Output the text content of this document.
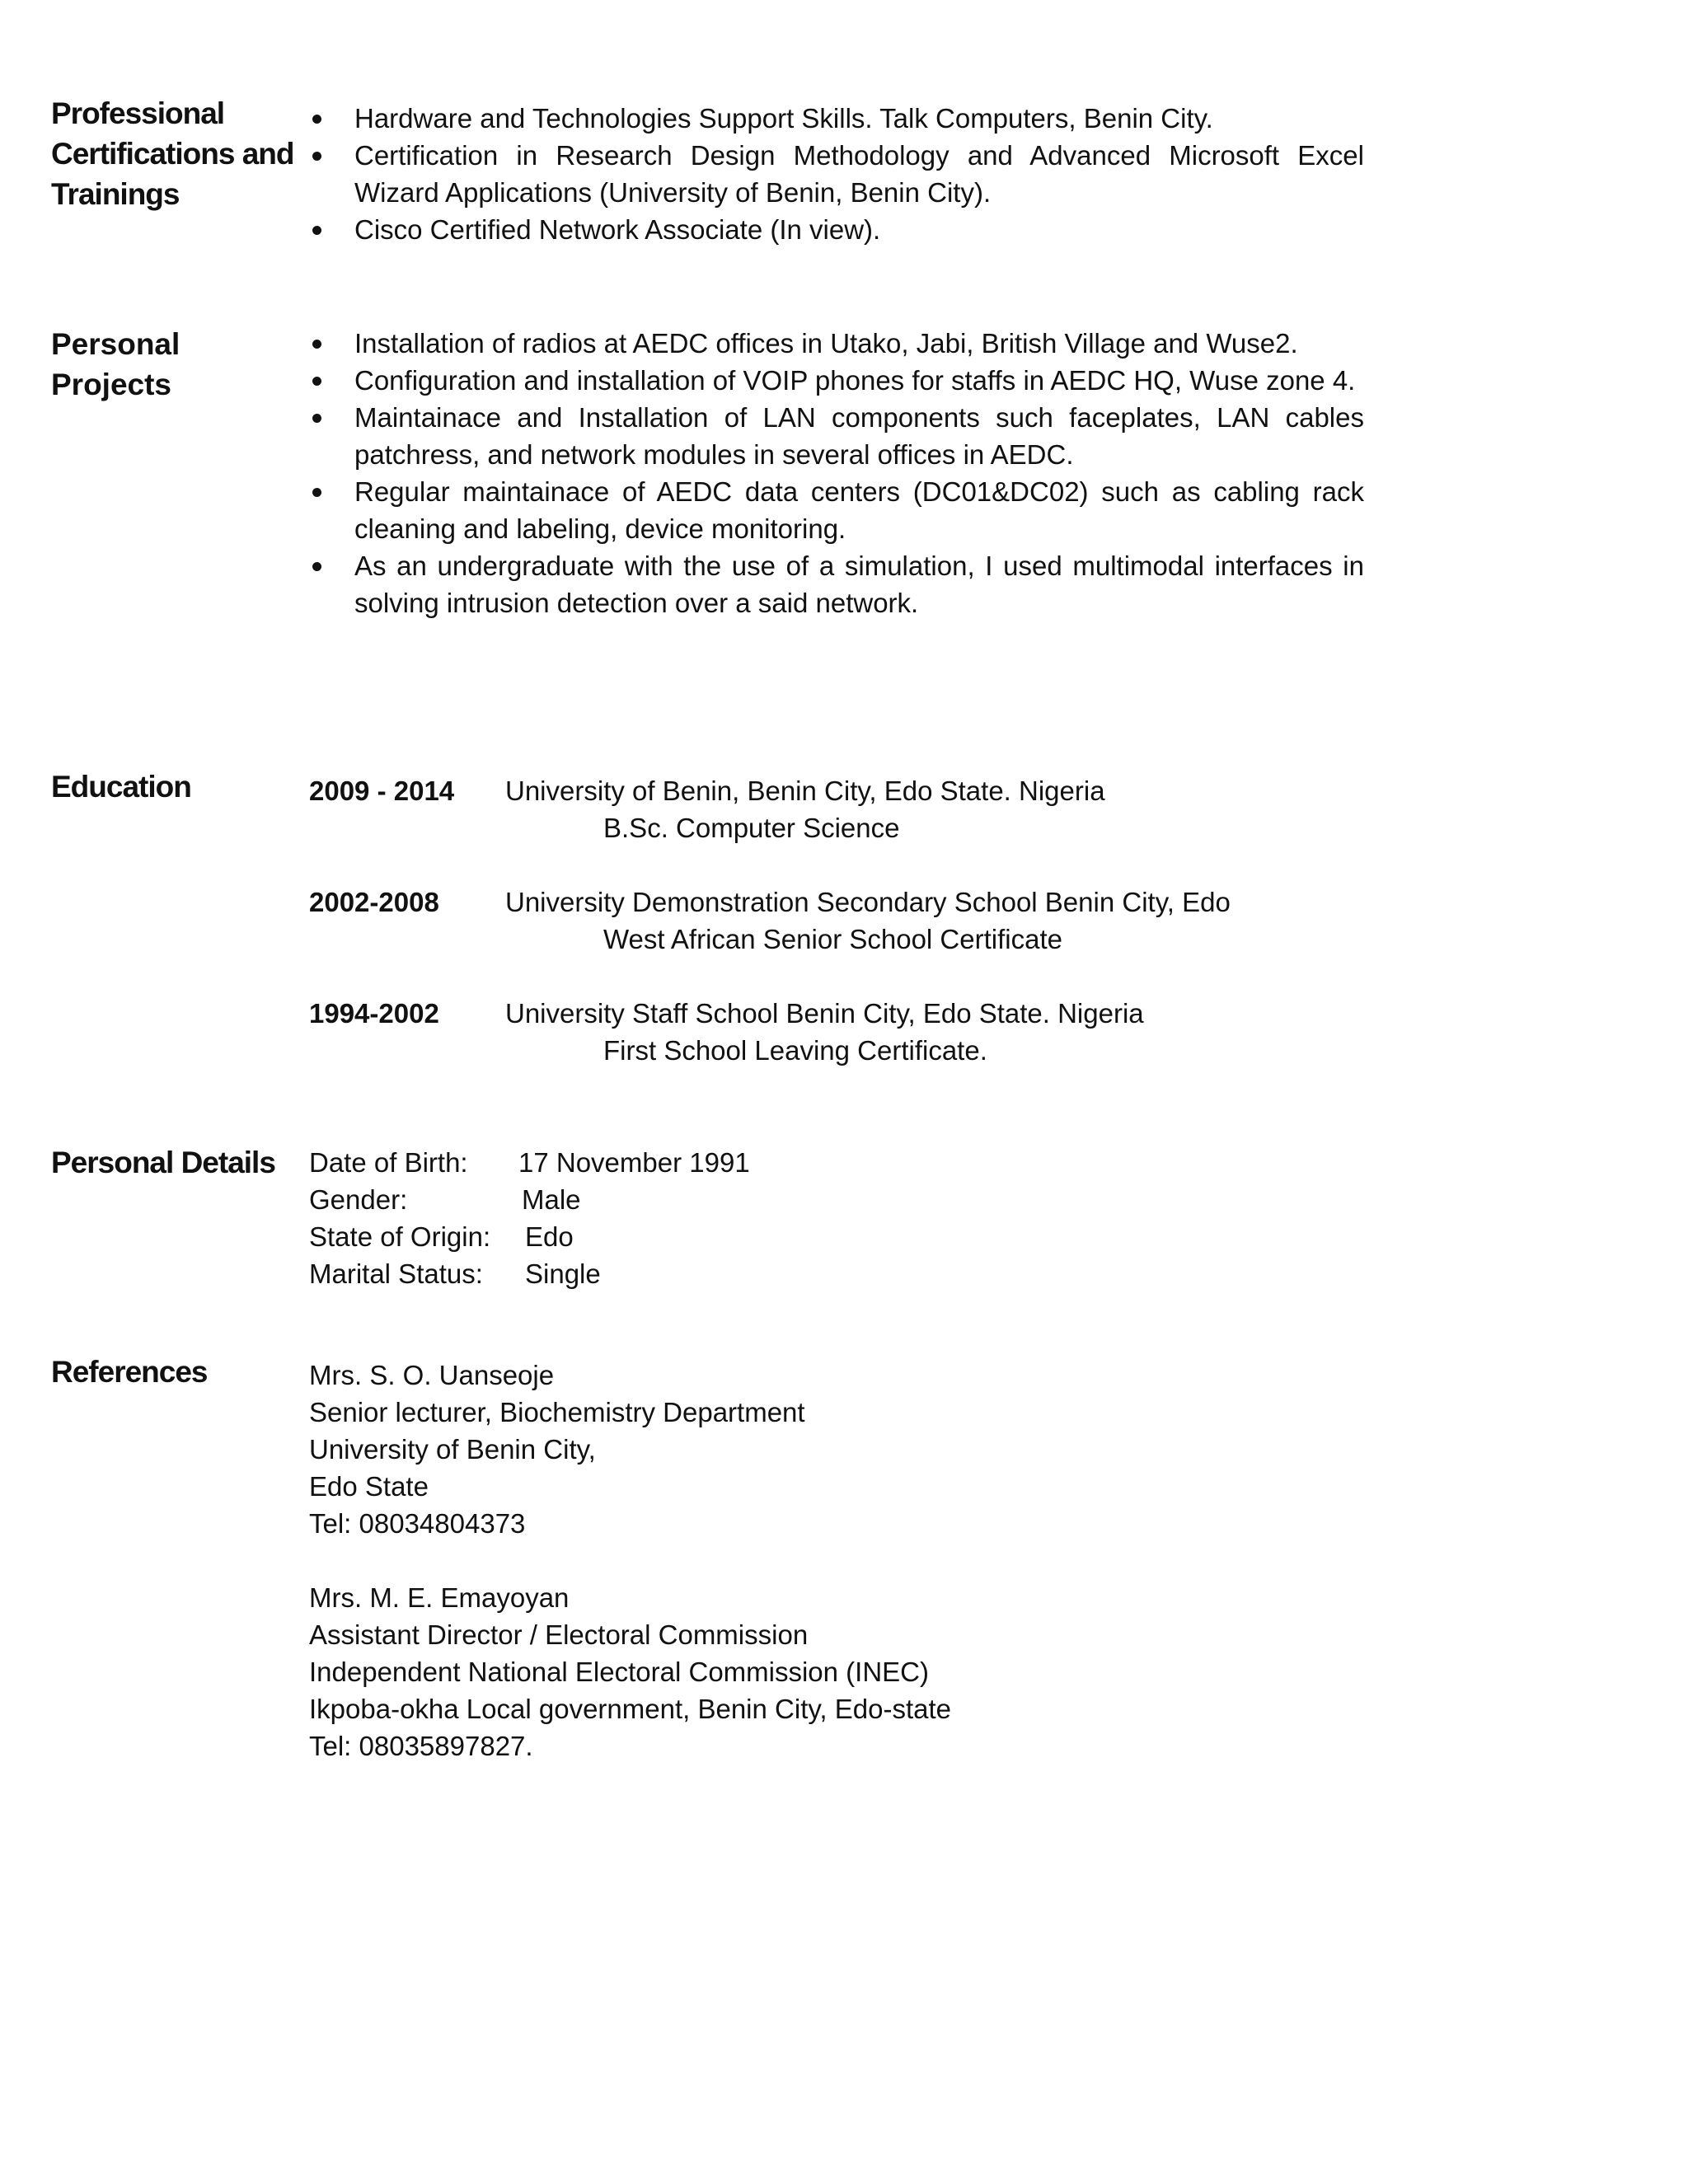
Professional
Certifications and
Trainings
Hardware and Technologies Support Skills. Talk Computers, Benin City.
Certification in Research Design Methodology and Advanced Microsoft Excel Wizard Applications (University of Benin, Benin City).
Cisco Certified Network Associate (In view).
Personal
Projects
Installation of radios at AEDC offices in Utako, Jabi, British Village and Wuse2.
Configuration and installation of VOIP phones for staffs in AEDC HQ, Wuse zone 4.
Maintainace and Installation of LAN components such faceplates, LAN cables patchress, and network modules in several offices in AEDC.
Regular maintainace of AEDC data centers (DC01&DC02) such as cabling rack cleaning and labeling, device monitoring.
As an undergraduate with the use of a simulation, I used multimodal interfaces in solving intrusion detection over a said network.
Education	2009 - 2014 University of Benin, Benin City, Edo State. Nigeria
B.Sc. Computer Science
2002-2008 University Demonstration Secondary School Benin City, Edo
West African Senior School Certificate
1994-2002 University Staff School Benin City, Edo State. Nigeria
First School Leaving Certificate.
Personal Details	Date of Birth: 17 November 1991
Gender:	Male
State of Origin: Edo
Marital Status: Single
References	Mrs. S. O. Uanseoje
Senior lecturer, Biochemistry Department
University of Benin City,
Edo State
Tel: 08034804373
Mrs. M. E. Emayoyan
Assistant Director / Electoral Commission
Independent National Electoral Commission (INEC)
Ikpoba-okha Local government, Benin City, Edo-state
Tel: 08035897827.
